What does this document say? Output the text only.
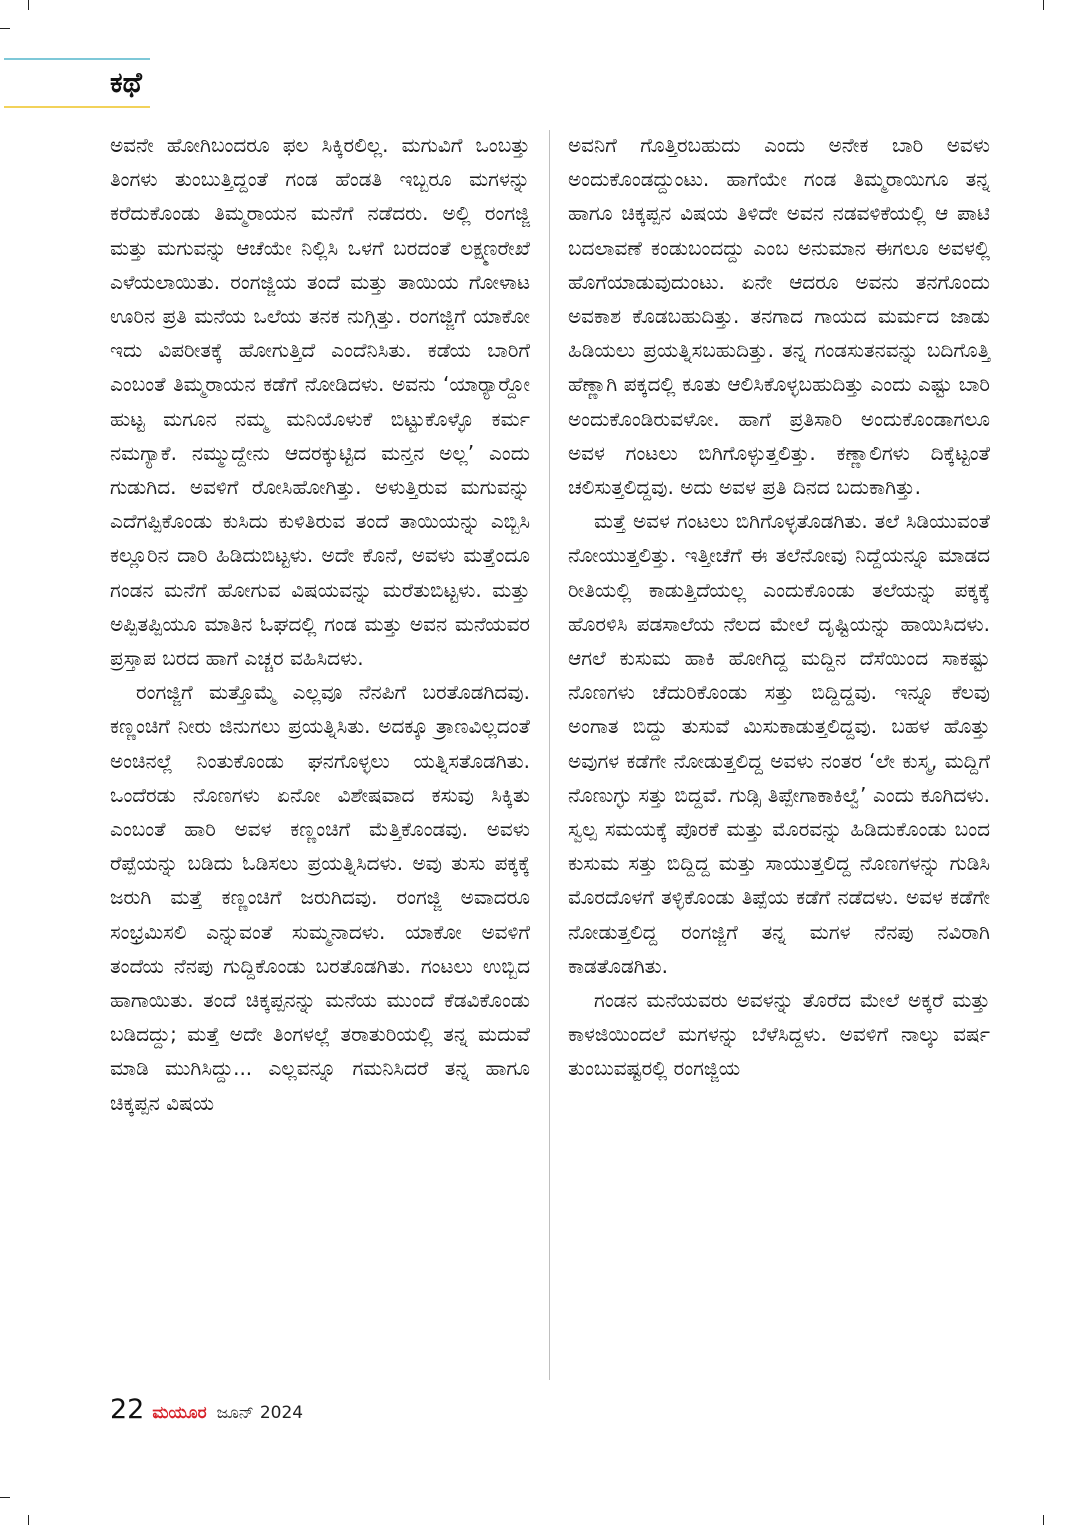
ಕಥೆ

ಅವನೇ ಹೋಗಿಬಂದರೂ ಫಲ ಸಿಕ್ಕಿರಲಿಲ್ಲ. ಮಗುವಿಗೆ ಒಂಬತ್ತು ತಿಂಗಳು ತುಂಬುತ್ತಿದ್ದಂತೆ ಗಂಡ ಹೆಂಡತಿ ಇಬ್ಬರೂ ಮಗಳನ್ನು ಕರೆದುಕೊಂಡು ತಿಮ್ಮರಾಯನ ಮನೆಗೆ ನಡೆದರು. ಅಲ್ಲಿ ರಂಗಜ್ಜಿ ಮತ್ತು ಮಗುವನ್ನು ಆಚೆಯೇ ನಿಲ್ಲಿಸಿ ಒಳಗೆ ಬರದಂತೆ ಲಕ್ಷ್ಮಣರೇಖೆ ಎಳೆಯಲಾಯಿತು. ರಂಗಜ್ಜಿಯ ತಂದೆ ಮತ್ತು ತಾಯಿಯ ಗೋಳಾಟ ಊರಿನ ಪ್ರತಿ ಮನೆಯ ಒಲೆಯ ತನಕ ನುಗ್ಗಿತ್ತು. ರಂಗಜ್ಜಿಗೆ ಯಾಕೋ ಇದು ವಿಪರೀತಕ್ಕೆ ಹೋಗುತ್ತಿದೆ ಎಂದೆನಿಸಿತು. ಕಡೆಯ ಬಾರಿಗೆ ಎಂಬಂತೆ ತಿಮ್ಮರಾಯನ ಕಡೆಗೆ ನೋಡಿದಳು. ಅವನು ‘ಯಾರ್‍ಯಾರ್‍ದೋ ಹುಟ್ಟ ಮಗೂನ ನಮ್ಮ ಮನಿಯೊಳುಕೆ ಬಿಟ್ಟುಕೊಳ್ಳೊ ಕರ್ಮ ನಮಗ್ಯಾಕೆ. ನಮ್ಮುದ್ದೇನು ಆದರಕ್ಕುಟ್ಟಿದ ಮನ್ತನ ಅಲ್ಲ’ ಎಂದು ಗುಡುಗಿದ. ಅವಳಿಗೆ ರೋಸಿಹೋಗಿತ್ತು. ಅಳುತ್ತಿರುವ ಮಗುವನ್ನು ಎದೆಗಪ್ಪಿಕೊಂಡು ಕುಸಿದು ಕುಳಿತಿರುವ ತಂದೆ ತಾಯಿಯನ್ನು ಎಬ್ಬಿಸಿ ಕಲ್ಲೂರಿನ ದಾರಿ ಹಿಡಿದುಬಿಟ್ಟಳು. ಅದೇ ಕೊನೆ, ಅವಳು ಮತ್ತೆಂದೂ ಗಂಡನ ಮನೆಗೆ ಹೋಗುವ ವಿಷಯವನ್ನು ಮರೆತುಬಿಟ್ಟಳು. ಮತ್ತು ಅಪ್ಪಿತಪ್ಪಿಯೂ ಮಾತಿನ ಓಘದಲ್ಲಿ ಗಂಡ ಮತ್ತು ಅವನ ಮನೆಯವರ ಪ್ರಸ್ತಾಪ ಬರದ ಹಾಗೆ ಎಚ್ಚರ ವಹಿಸಿದಳು.

ರಂಗಜ್ಜಿಗೆ ಮತ್ತೊಮ್ಮೆ ಎಲ್ಲವೂ ನೆನಪಿಗೆ ಬರತೊಡಗಿದವು. ಕಣ್ಣಂಚಿಗೆ ನೀರು ಜಿನುಗಲು ಪ್ರಯತ್ನಿಸಿತು. ಅದಕ್ಕೂ ತ್ರಾಣವಿಲ್ಲದಂತೆ ಅಂಚಿನಲ್ಲೆ ನಿಂತುಕೊಂಡು ಘನಗೊಳ್ಳಲು ಯತ್ನಿಸತೊಡಗಿತು. ಒಂದೆರಡು ನೊಣಗಳು ಏನೋ ವಿಶೇಷವಾದ ಕಸುವು ಸಿಕ್ಕಿತು ಎಂಬಂತೆ ಹಾರಿ ಅವಳ ಕಣ್ಣಂಚಿಗೆ ಮೆತ್ತಿಕೊಂಡವು. ಅವಳು ರೆಪ್ಪೆಯನ್ನು ಬಡಿದು ಓಡಿಸಲು ಪ್ರಯತ್ನಿಸಿದಳು. ಅವು ತುಸು ಪಕ್ಕಕ್ಕೆ ಜರುಗಿ ಮತ್ತೆ ಕಣ್ಣಂಚಿಗೆ ಜರುಗಿದವು. ರಂಗಜ್ಜಿ ಅವಾದರೂ ಸಂಭ್ರಮಿಸಲಿ ಎನ್ನುವಂತೆ ಸುಮ್ಮನಾದಳು. ಯಾಕೋ ಅವಳಿಗೆ ತಂದೆಯ ನೆನಪು ಗುದ್ದಿಕೊಂಡು ಬರತೊಡಗಿತು. ಗಂಟಲು ಉಬ್ಬಿದ ಹಾಗಾಯಿತು. ತಂದೆ ಚಿಕ್ಕಪ್ಪನನ್ನು ಮನೆಯ ಮುಂದೆ ಕೆಡವಿಕೊಂಡು ಬಡಿದದ್ದು; ಮತ್ತೆ ಅದೇ ತಿಂಗಳಲ್ಲೆ ತರಾತುರಿಯಲ್ಲಿ ತನ್ನ ಮದುವೆ ಮಾಡಿ ಮುಗಿಸಿದ್ದು... ಎಲ್ಲವನ್ನೂ ಗಮನಿಸಿದರೆ ತನ್ನ ಹಾಗೂ ಚಿಕ್ಕಪ್ಪನ ವಿಷಯ

ಅವನಿಗೆ ಗೊತ್ತಿರಬಹುದು ಎಂದು ಅನೇಕ ಬಾರಿ ಅವಳು ಅಂದುಕೊಂಡದ್ದುಂಟು. ಹಾಗೆಯೇ ಗಂಡ ತಿಮ್ಮರಾಯಿಗೂ ತನ್ನ ಹಾಗೂ ಚಿಕ್ಕಪ್ಪನ ವಿಷಯ ತಿಳಿದೇ ಅವನ ನಡವಳಿಕೆಯಲ್ಲಿ ಆ ಪಾಟಿ ಬದಲಾವಣೆ ಕಂಡುಬಂದದ್ದು ಎಂಬ ಅನುಮಾನ ಈಗಲೂ ಅವಳಲ್ಲಿ ಹೊಗೆಯಾಡುವುದುಂಟು. ಏನೇ ಆದರೂ ಅವನು ತನಗೊಂದು ಅವಕಾಶ ಕೊಡಬಹುದಿತ್ತು. ತನಗಾದ ಗಾಯದ ಮರ್ಮದ ಜಾಡು ಹಿಡಿಯಲು ಪ್ರಯತ್ನಿಸಬಹುದಿತ್ತು. ತನ್ನ ಗಂಡಸುತನವನ್ನು ಬದಿಗೊತ್ತಿ ಹೆಣ್ಣಾಗಿ ಪಕ್ಕದಲ್ಲಿ ಕೂತು ಆಲಿಸಿಕೊಳ್ಳಬಹುದಿತ್ತು ಎಂದು ಎಷ್ಟು ಬಾರಿ ಅಂದುಕೊಂಡಿರುವಳೋ. ಹಾಗೆ ಪ್ರತಿಸಾರಿ ಅಂದುಕೊಂಡಾಗಲೂ ಅವಳ ಗಂಟಲು ಬಿಗಿಗೊಳ್ಳುತ್ತಲಿತ್ತು. ಕಣ್ಣಾಲಿಗಳು ದಿಕ್ಕೆಟ್ಟಂತೆ ಚಲಿಸುತ್ತಲಿದ್ದವು. ಅದು ಅವಳ ಪ್ರತಿ ದಿನದ ಬದುಕಾಗಿತ್ತು.

ಮತ್ತೆ ಅವಳ ಗಂಟಲು ಬಿಗಿಗೊಳ್ಳತೊಡಗಿತು. ತಲೆ ಸಿಡಿಯುವಂತೆ ನೋಯುತ್ತಲಿತ್ತು. ಇತ್ತೀಚೆಗೆ ಈ ತಲೆನೋವು ನಿದ್ದೆಯನ್ನೂ ಮಾಡದ ರೀತಿಯಲ್ಲಿ ಕಾಡುತ್ತಿದೆಯಲ್ಲ ಎಂದುಕೊಂಡು ತಲೆಯನ್ನು ಪಕ್ಕಕ್ಕೆ ಹೊರಳಿಸಿ ಪಡಸಾಲೆಯ ನೆಲದ ಮೇಲೆ ದೃಷ್ಟಿಯನ್ನು ಹಾಯಿಸಿದಳು. ಆಗಲೆ ಕುಸುಮ ಹಾಕಿ ಹೋಗಿದ್ದ ಮದ್ದಿನ ದೆಸೆಯಿಂದ ಸಾಕಷ್ಟು ನೊಣಗಳು ಚೆದುರಿಕೊಂಡು ಸತ್ತು ಬಿದ್ದಿದ್ದವು. ಇನ್ನೂ ಕೆಲವು ಅಂಗಾತ ಬಿದ್ದು ತುಸುವೆ ಮಿಸುಕಾಡುತ್ತಲಿದ್ದವು. ಬಹಳ ಹೊತ್ತು ಅವುಗಳ ಕಡೆಗೇ ನೋಡುತ್ತಲಿದ್ದ ಅವಳು ನಂತರ ‘ಲೇ ಕುಸ್ಮ, ಮದ್ದಿಗೆ ನೊಣುಗ್ಳು ಸತ್ತು ಬಿದ್ದವೆ. ಗುಡ್ಸಿ ತಿಪ್ಪೇಗಾಕಾಕಿಲ್ವೆ’ ಎಂದು ಕೂಗಿದಳು. ಸ್ವಲ್ಪ ಸಮಯಕ್ಕೆ ಪೊರಕೆ ಮತ್ತು ಮೊರವನ್ನು ಹಿಡಿದುಕೊಂಡು ಬಂದ ಕುಸುಮ ಸತ್ತು ಬಿದ್ದಿದ್ದ ಮತ್ತು ಸಾಯುತ್ತಲಿದ್ದ ನೊಣಗಳನ್ನು ಗುಡಿಸಿ ಮೊರದೊಳಗೆ ತಳ್ಳಿಕೊಂಡು ತಿಪ್ಪೆಯ ಕಡೆಗೆ ನಡೆದಳು. ಅವಳ ಕಡೆಗೇ ನೋಡುತ್ತಲಿದ್ದ ರಂಗಜ್ಜಿಗೆ ತನ್ನ ಮಗಳ ನೆನಪು ನವಿರಾಗಿ ಕಾಡತೊಡಗಿತು.

ಗಂಡನ ಮನೆಯವರು ಅವಳನ್ನು ತೊರೆದ ಮೇಲೆ ಅಕ್ಕರೆ ಮತ್ತು ಕಾಳಜಿಯಿಂದಲೆ ಮಗಳನ್ನು ಬೆಳೆಸಿದ್ದಳು. ಅವಳಿಗೆ ನಾಲ್ಕು ವರ್ಷ ತುಂಬುವಷ್ಟರಲ್ಲಿ ರಂಗಜ್ಜಿಯ

22 ಮಯೂರ ಜೂನ್ 2024
